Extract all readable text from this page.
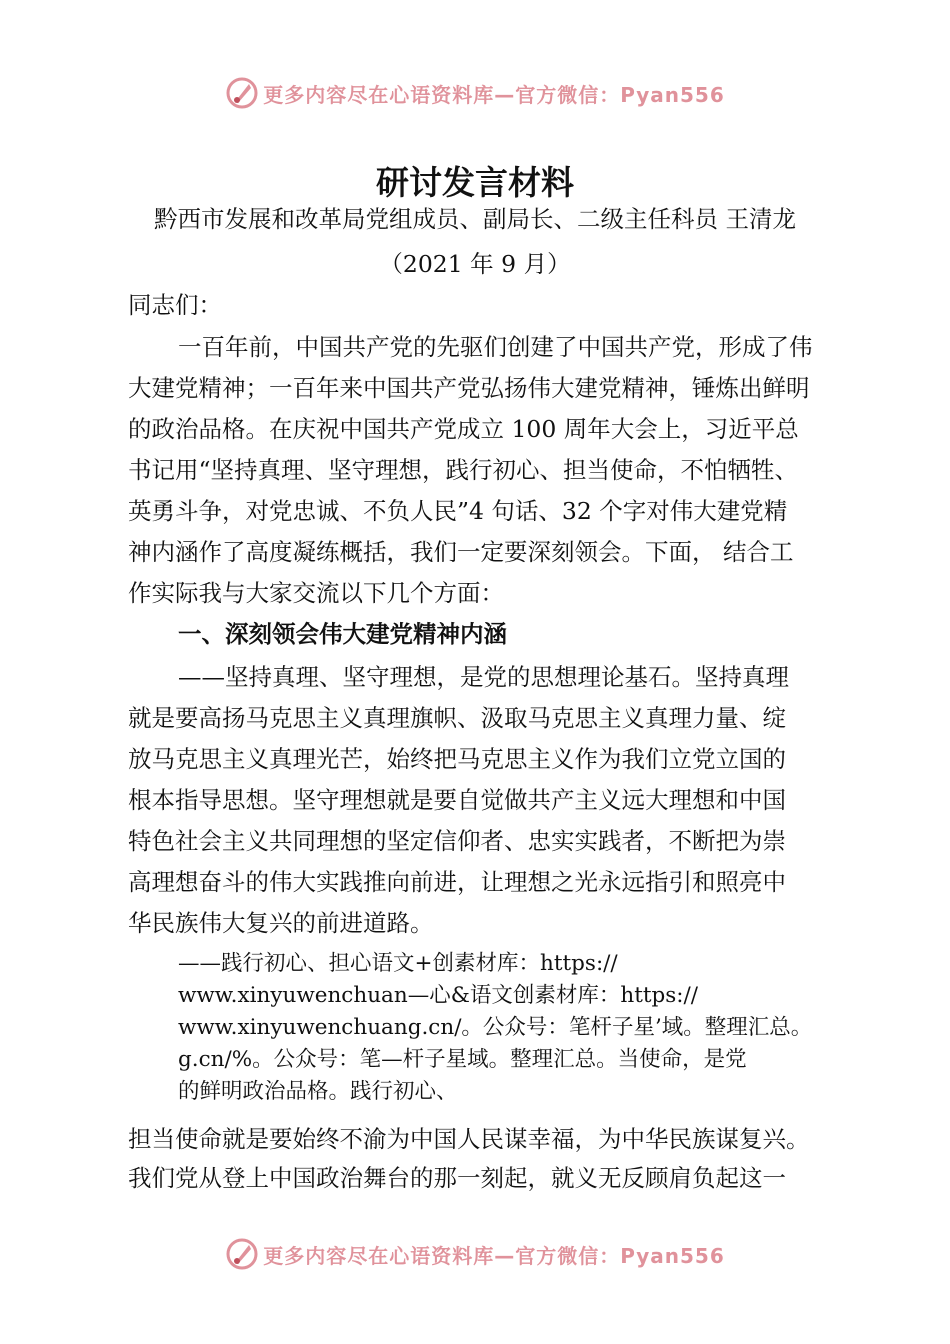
更多内容尽在心语资料库—官方微信：Pyan556
研讨发言材料
黔西市发展和改革局党组成员、副局长、二级主任科员 王清龙
（2021 年 9 月）
同志们：
一百年前，中国共产党的先驱们创建了中国共产党，形成了伟
大建党精神；一百年来中国共产党弘扬伟大建党精神，锤炼出鲜明
的政治品格。在庆祝中国共产党成立 100 周年大会上，习近平总
书记用“坚持真理、坚守理想，践行初心、担当使命，不怕牺牲、
英勇斗争，对党忠诚、不负人民”4 句话、32 个字对伟大建党精
神内涵作了高度凝练概括，我们一定要深刻领会。下面， 结合工
作实际我与大家交流以下几个方面：
一、深刻领会伟大建党精神内涵
——坚持真理、坚守理想，是党的思想理论基石。坚持真理
就是要高扬马克思主义真理旗帜、汲取马克思主义真理力量、绽
放马克思主义真理光芒，始终把马克思主义作为我们立党立国的
根本指导思想。坚守理想就是要自觉做共产主义远大理想和中国
特色社会主义共同理想的坚定信仰者、忠实实践者，不断把为崇
高理想奋斗的伟大实践推向前进，让理想之光永远指引和照亮中
华民族伟大复兴的前进道路。
——践行初心、担心语文+创素材库：https://
www.xinyuwenchuan—心&语文创素材库：https://
www.xinyuwenchuang.cn/。公众号：笔杆子星’域。整理汇总。
g.cn/%。公众号：笔—杆子星域。整理汇总。当使命，是党
的鲜明政治品格。践行初心、
担当使命就是要始终不渝为中国人民谋幸福，为中华民族谋复兴。
我们党从登上中国政治舞台的那一刻起，就义无反顾肩负起这一
更多内容尽在心语资料库—官方微信：Pyan556
